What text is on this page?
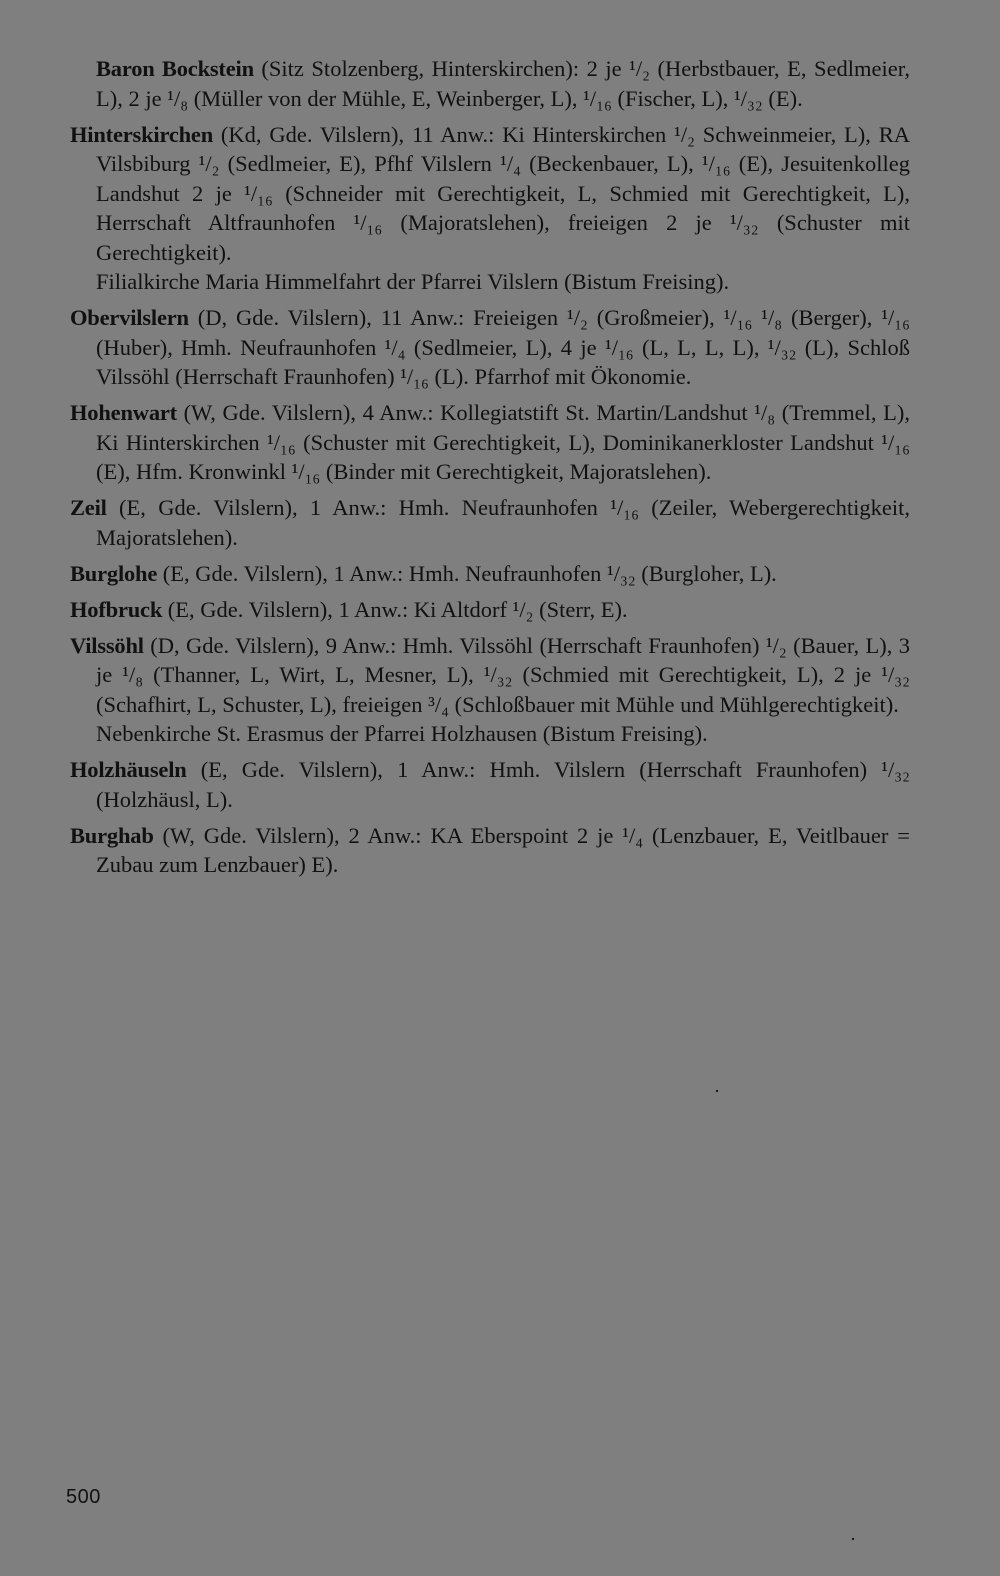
Baron Bockstein (Sitz Stolzenberg, Hinterskirchen): 2 je ¹/₂ (Herbstbauer, E, Sedlmeier, L), 2 je ¹/₈ (Müller von der Mühle, E, Weinberger, L), ¹/₁₆ (Fischer, L), ¹/₃₂ (E).

Hinterskirchen (Kd, Gde. Vilslern), 11 Anw.: Ki Hinterskirchen ¹/₂ Schweinmeier, L), RA Vilsbiburg ¹/₂ (Sedlmeier, E), Pfhf Vilslern ¹/₄ (Beckenbauer, L), ¹/₁₆ (E), Jesuitenkolleg Landshut 2 je ¹/₁₆ (Schneider mit Gerechtigkeit, L, Schmied mit Gerechtigkeit, L), Herrschaft Altfraunhofen ¹/₁₆ (Majoratslehen), freieigen 2 je ¹/₃₂ (Schuster mit Gerechtigkeit).
Filialkirche Maria Himmelfahrt der Pfarrei Vilslern (Bistum Freising).

Obervilslern (D, Gde. Vilslern), 11 Anw.: Freieigen ¹/₂ (Großmeier), ¹/₁₆ ¹/₈ (Berger), ¹/₁₆ (Huber), Hmh. Neufraunhofen ¹/₄ (Sedlmeier, L), 4 je ¹/₁₆ (L, L, L, L), ¹/₃₂ (L), Schloß Vilssöhl (Herrschaft Fraunhofen) ¹/₁₆ (L). Pfarrhof mit Ökonomie.

Hohenwart (W, Gde. Vilslern), 4 Anw.: Kollegiatstift St. Martin/Landshut ¹/₈ (Tremmel, L), Ki Hinterskirchen ¹/₁₆ (Schuster mit Gerechtigkeit, L), Dominikanerkloster Landshut ¹/₁₆ (E), Hfm. Kronwinkl ¹/₁₆ (Binder mit Gerechtigkeit, Majoratslehen).

Zeil (E, Gde. Vilslern), 1 Anw.: Hmh. Neufraunhofen ¹/₁₆ (Zeiler, Webergerechtigkeit, Majoratslehen).

Burglohe (E, Gde. Vilslern), 1 Anw.: Hmh. Neufraunhofen ¹/₃₂ (Burgloher, L).

Hofbruck (E, Gde. Vilslern), 1 Anw.: Ki Altdorf ¹/₂ (Sterr, E).

Vilssöhl (D, Gde. Vilslern), 9 Anw.: Hmh. Vilssöhl (Herrschaft Fraunhofen) ¹/₂ (Bauer, L), 3 je ¹/₈ (Thanner, L, Wirt, L, Mesner, L), ¹/₃₂ (Schmied mit Gerechtigkeit, L), 2 je ¹/₃₂ (Schafhirt, L, Schuster, L), freieigen ³/₄ (Schloßbauer mit Mühle und Mühlgerechtigkeit).
Nebenkirche St. Erasmus der Pfarrei Holzhausen (Bistum Freising).

Holzhäuseln (E, Gde. Vilslern), 1 Anw.: Hmh. Vilslern (Herrschaft Fraunhofen) ¹/₃₂ (Holzhäusl, L).

Burghab (W, Gde. Vilslern), 2 Anw.: KA Eberspoint 2 je ¹/₄ (Lenzbauer, E, Veitlbauer = Zubau zum Lenzbauer) E).

500
